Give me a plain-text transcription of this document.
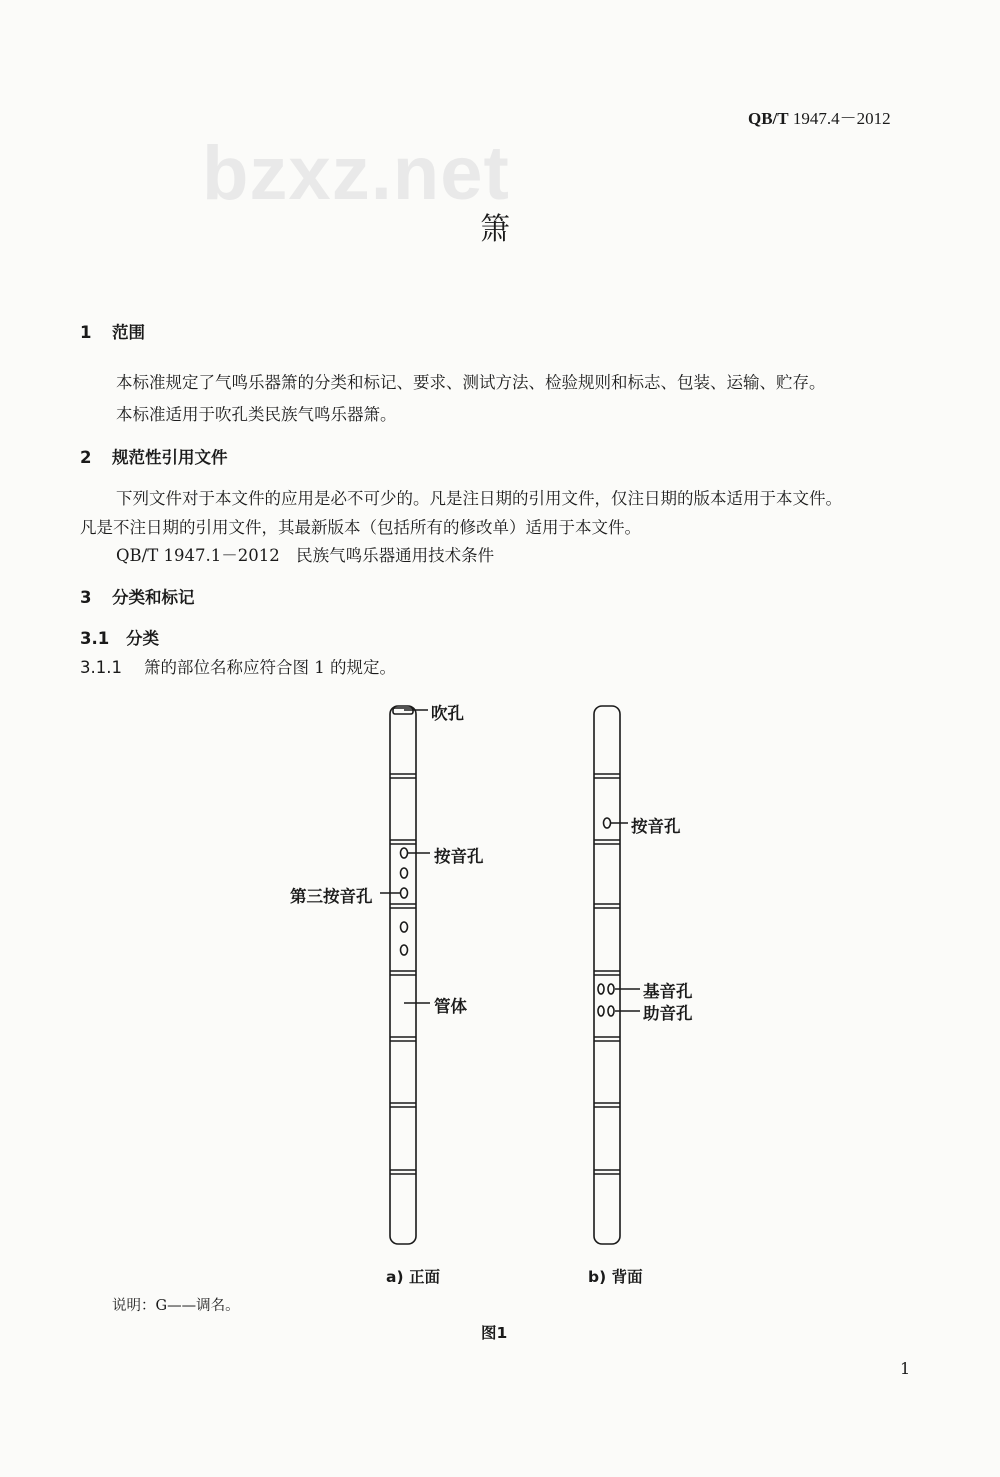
QB/T 1947.4－2012
bzxz.net
箫
1 范围
本标准规定了气鸣乐器箫的分类和标记、要求、测试方法、检验规则和标志、包装、运输、贮存。
本标准适用于吹孔类民族气鸣乐器箫。
2 规范性引用文件
下列文件对于本文件的应用是必不可少的。凡是注日期的引用文件，仅注日期的版本适用于本文件。
凡是不注日期的引用文件，其最新版本（包括所有的修改单）适用于本文件。
QB/T 1947.1－2012　民族气鸣乐器通用技术条件
3 分类和标记
3.1 分类
3.1.1 箫的部位名称应符合图 1 的规定。
吹孔
按音孔
第三按音孔
管体
按音孔
基音孔
助音孔
a) 正面	b) 背面
说明：G——调名。
图1
1
